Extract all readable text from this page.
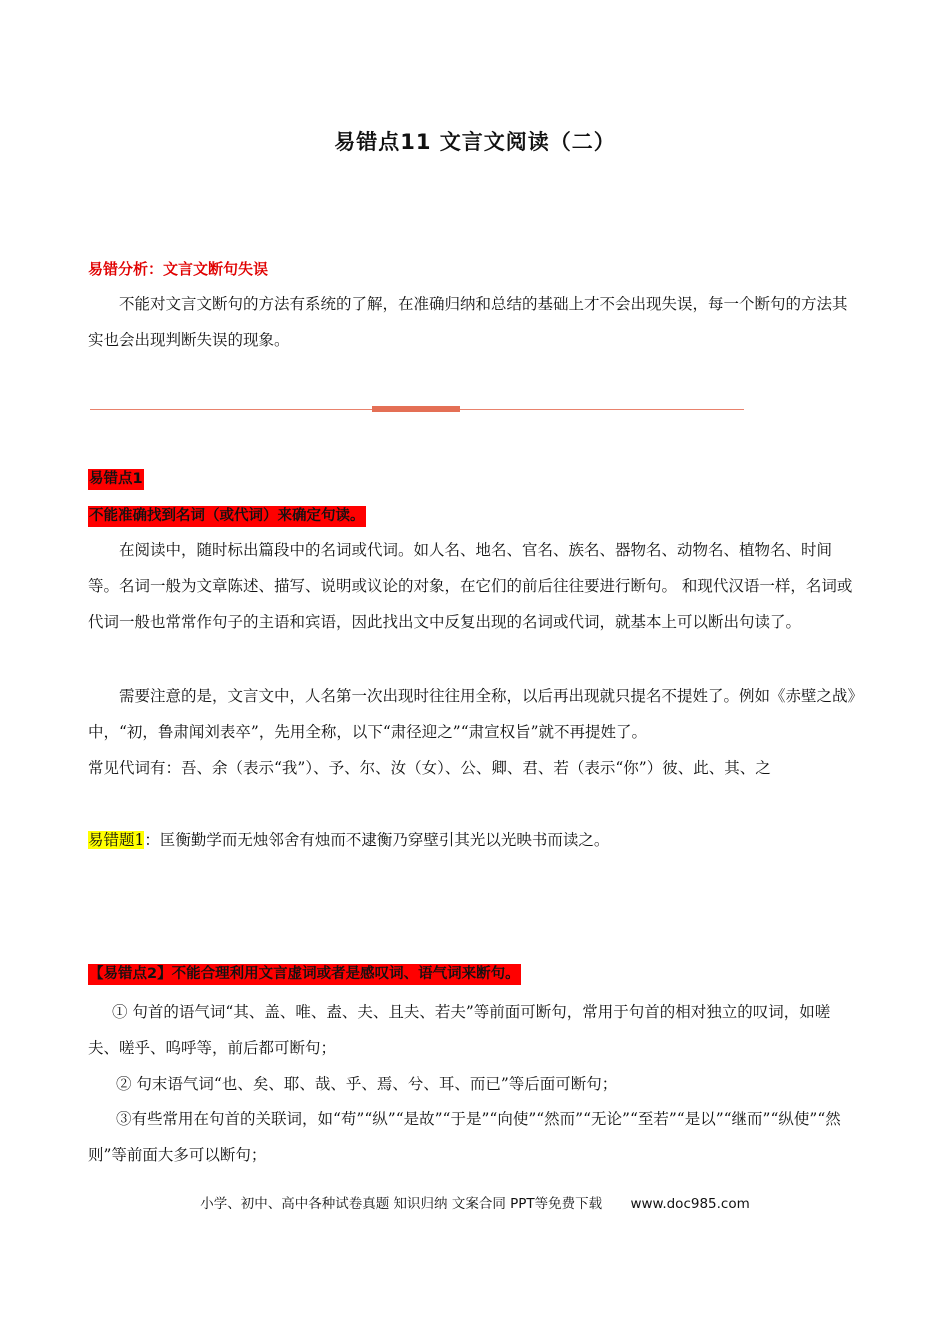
易错点11 文言文阅读（二）
易错分析：文言文断句失误

不能对文言文断句的方法有系统的了解，在准确归纳和总结的基础上才不会出现失误，每一个断句的方法其实也会出现判断失误的现象。

易错点1
不能准确找到名词（或代词）来确定句读。

在阅读中，随时标出篇段中的名词或代词。如人名、地名、官名、族名、器物名、动物名、植物名、时间等。名词一般为文章陈述、描写、说明或议论的对象，在它们的前后往往要进行断句。 和现代汉语一样，名词或代词一般也常常作句子的主语和宾语，因此找出文中反复出现的名词或代词，就基本上可以断出句读了。

需要注意的是，文言文中，人名第一次出现时往往用全称，以后再出现就只提名不提姓了。例如《赤壁之战》中，“初，鲁肃闻刘表卒”，先用全称，以下“肃径迎之”“肃宣权旨”就不再提姓了。

常见代词有：吾、余（表示“我”）、予、尔、汝（女）、公、卿、君、若（表示“你”）彼、此、其、之

易错题1：匡衡勤学而无烛邻舍有烛而不逮衡乃穿壁引其光以光映书而读之。

【易错点2】不能合理利用文言虚词或者是感叹词、语气词来断句。

① 句首的语气词“其、盖、唯、盍、夫、且夫、若夫”等前面可断句，常用于句首的相对独立的叹词，如嗟夫、嗟乎、呜呼等，前后都可断句；

② 句末语气词“也、矣、耶、哉、乎、焉、兮、耳、而已”等后面可断句；

③有些常用在句首的关联词，如“苟”“纵”“是故”“于是”“向使”“然而”“无论”“至若”“是以”“继而”“纵使”“然则”等前面大多可以断句；

小学、初中、高中各种试卷真题 知识归纳 文案合同 PPT等免费下载 www.doc985.com
